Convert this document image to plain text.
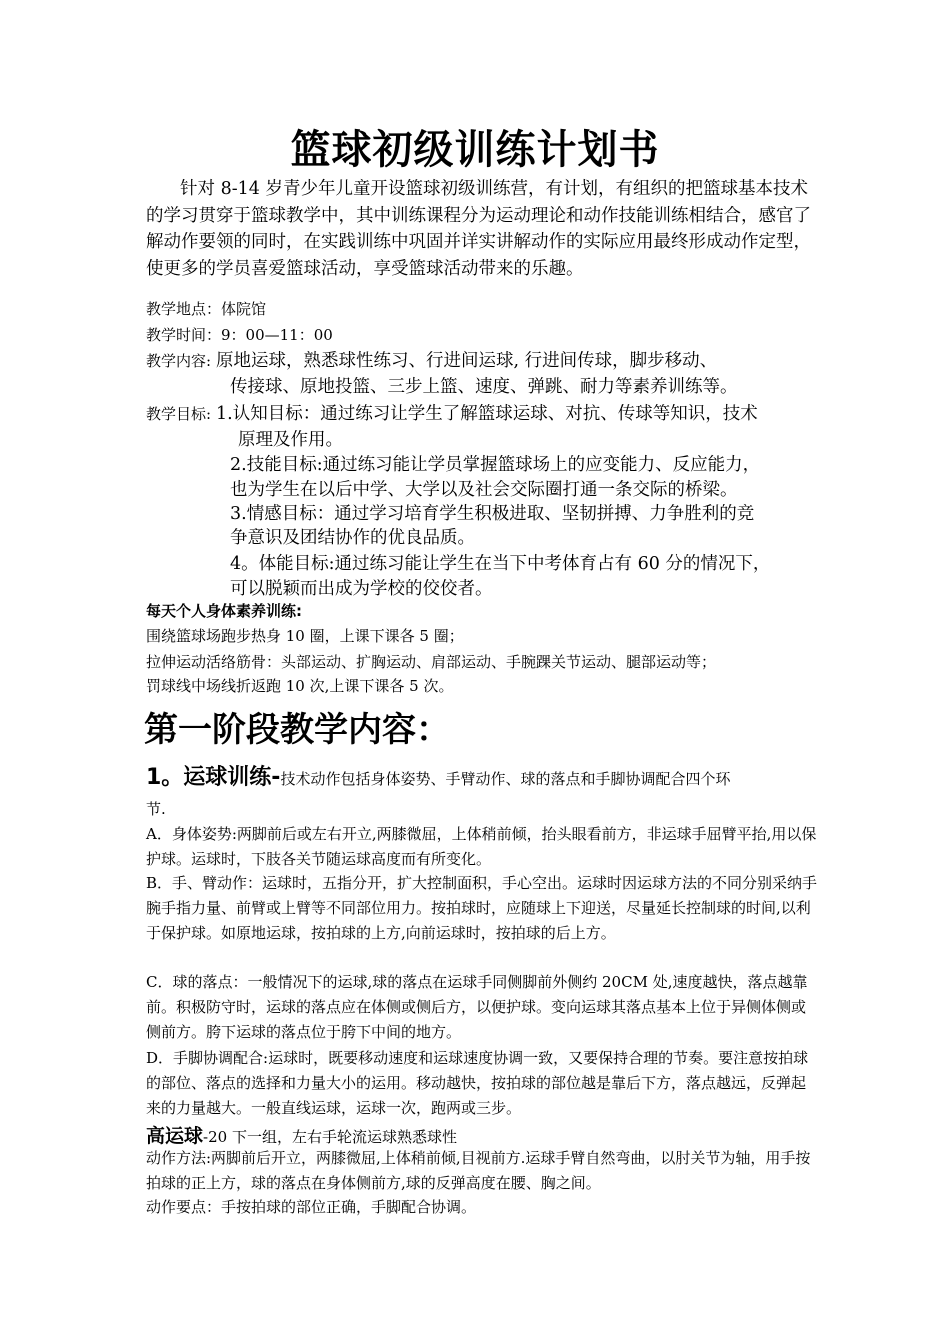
篮球初级训练计划书
针对 8-14 岁青少年儿童开设篮球初级训练营，有计划，有组织的把篮球基本技术的学习贯穿于篮球教学中，其中训练课程分为运动理论和动作技能训练相结合，感官了解动作要领的同时，在实践训练中巩固并详实讲解动作的实际应用最终形成动作定型，使更多的学员喜爱篮球活动，享受篮球活动带来的乐趣。
教学地点：体院馆
教学时间：9：00—11：00
教学内容: 原地运球，熟悉球性练习、行进间运球, 行进间传球，脚步移动、
传接球、原地投篮、三步上篮、速度、弹跳、耐力等素养训练等。
教学目标: 1.认知目标：通过练习让学生了解篮球运球、对抗、传球等知识，技术
原理及作用。
2.技能目标:通过练习能让学员掌握篮球场上的应变能力、反应能力，
也为学生在以后中学、大学以及社会交际圈打通一条交际的桥梁。
3.情感目标：通过学习培育学生积极进取、坚韧拼搏、力争胜利的竞
争意识及团结协作的优良品质。
4。体能目标:通过练习能让学生在当下中考体育占有 60 分的情况下，
可以脱颖而出成为学校的佼佼者。
每天个人身体素养训练:
围绕篮球场跑步热身 10 圈，上课下课各 5 圈；
拉伸运动活络筋骨：头部运动、扩胸运动、肩部运动、手腕踝关节运动、腿部运动等；
罚球线中场线折返跑 10 次,上课下课各 5 次。
第一阶段教学内容：
1。运球训练-技术动作包括身体姿势、手臂动作、球的落点和手脚协调配合四个环
节.
A．身体姿势:两脚前后或左右开立,两膝微屈，上体稍前倾，抬头眼看前方，非运球手屈臂平抬,用以保护球。运球时，下肢各关节随运球高度而有所变化。
B．手、臂动作：运球时，五指分开，扩大控制面积，手心空出。运球时因运球方法的不同分别采纳手腕手指力量、前臂或上臂等不同部位用力。按拍球时，应随球上下迎送，尽量延长控制球的时间,以利于保护球。如原地运球，按拍球的上方,向前运球时，按拍球的后上方。
C．球的落点：一般情况下的运球,球的落点在运球手同侧脚前外侧约 20CM 处,速度越快，落点越靠前。积极防守时，运球的落点应在体侧或侧后方，以便护球。变向运球其落点基本上位于异侧体侧或侧前方。胯下运球的落点位于胯下中间的地方。
D．手脚协调配合:运球时，既要移动速度和运球速度协调一致，又要保持合理的节奏。要注意按拍球的部位、落点的选择和力量大小的运用。移动越快，按拍球的部位越是靠后下方，落点越远，反弹起来的力量越大。一般直线运球，运球一次，跑两或三步。
高运球-20 下一组，左右手轮流运球熟悉球性
动作方法:两脚前后开立，两膝微屈,上体稍前倾,目视前方.运球手臂自然弯曲，以肘关节为轴，用手按拍球的正上方，球的落点在身体侧前方,球的反弹高度在腰、胸之间。
动作要点：手按拍球的部位正确，手脚配合协调。
